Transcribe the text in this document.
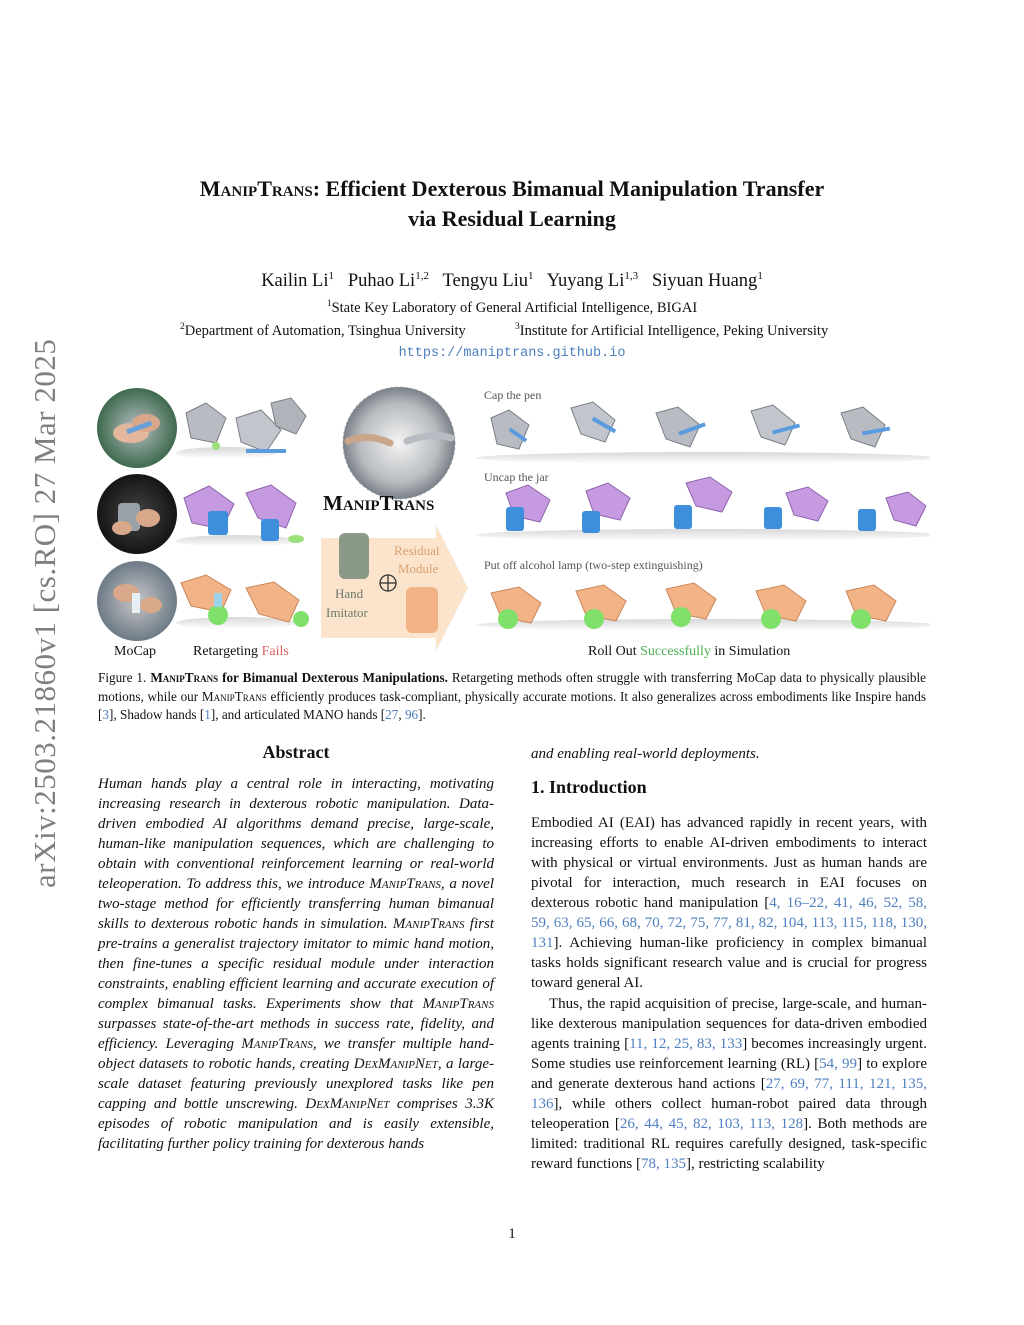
arXiv:2503.21860v1 [cs.RO] 27 Mar 2025
ManipTrans: Efficient Dexterous Bimanual Manipulation Transfer
via Residual Learning
Kailin Li$^1$ Puhao Li$^{1,2}$ Tengyu Liu$^1$ Yuyang Li$^{1,3}$ Siyuan Huang$^1$
$^1$State Key Laboratory of General Artificial Intelligence, BIGAI
$^2$Department of Automation, Tsinghua University	$^3$Institute for Artificial Intelligence, Peking University
https://maniptrans.github.io
ManipTrans
Residual
Module
Hand
Imitator
Cap the pen
Uncap the jar
Put off alcohol lamp (two-step extinguishing)
MoCap	Retargeting Fails	Roll Out Successfully in Simulation
Figure 1. ManipTrans for Bimanual Dexterous Manipulations. Retargeting methods often struggle with transferring MoCap data to physically plausible motions, while our ManipTrans efficiently produces task-compliant, physically accurate motions. It also generalizes across embodiments like Inspire hands [3], Shadow hands [1], and articulated MANO hands [27, 96].
Abstract
Human hands play a central role in interacting, motivating increasing research in dexterous robotic manipulation. Data-driven embodied AI algorithms demand precise, large-scale, human-like manipulation sequences, which are challenging to obtain with conventional reinforcement learning or real-world teleoperation. To address this, we introduce ManipTrans, a novel two-stage method for efficiently transferring human bimanual skills to dexterous robotic hands in simulation. ManipTrans first pre-trains a generalist trajectory imitator to mimic hand motion, then fine-tunes a specific residual module under interaction constraints, enabling efficient learning and accurate execution of complex bimanual tasks. Experiments show that ManipTrans surpasses state-of-the-art methods in success rate, fidelity, and efficiency. Leveraging ManipTrans, we transfer multiple hand-object datasets to robotic hands, creating DexManipNet, a large-scale dataset featuring previously unexplored tasks like pen capping and bottle unscrewing. DexManipNet comprises 3.3K episodes of robotic manipulation and is easily extensible, facilitating further policy training for dexterous hands
and enabling real-world deployments.
1. Introduction
Embodied AI (EAI) has advanced rapidly in recent years, with increasing efforts to enable AI-driven embodiments to interact with physical or virtual environments. Just as human hands are pivotal for interaction, much research in EAI focuses on dexterous robotic hand manipulation [4, 16–22, 41, 46, 52, 58, 59, 63, 65, 66, 68, 70, 72, 75, 77, 81, 82, 104, 113, 115, 118, 130, 131]. Achieving human-like proficiency in complex bimanual tasks holds significant research value and is crucial for progress toward general AI.
Thus, the rapid acquisition of precise, large-scale, and human-like dexterous manipulation sequences for data-driven embodied agents training [11, 12, 25, 83, 133] becomes increasingly urgent. Some studies use reinforcement learning (RL) [54, 99] to explore and generate dexterous hand actions [27, 69, 77, 111, 121, 135, 136], while others collect human-robot paired data through teleoperation [26, 44, 45, 82, 103, 113, 128]. Both methods are limited: traditional RL requires carefully designed, task-specific reward functions [78, 135], restricting scalability
1
